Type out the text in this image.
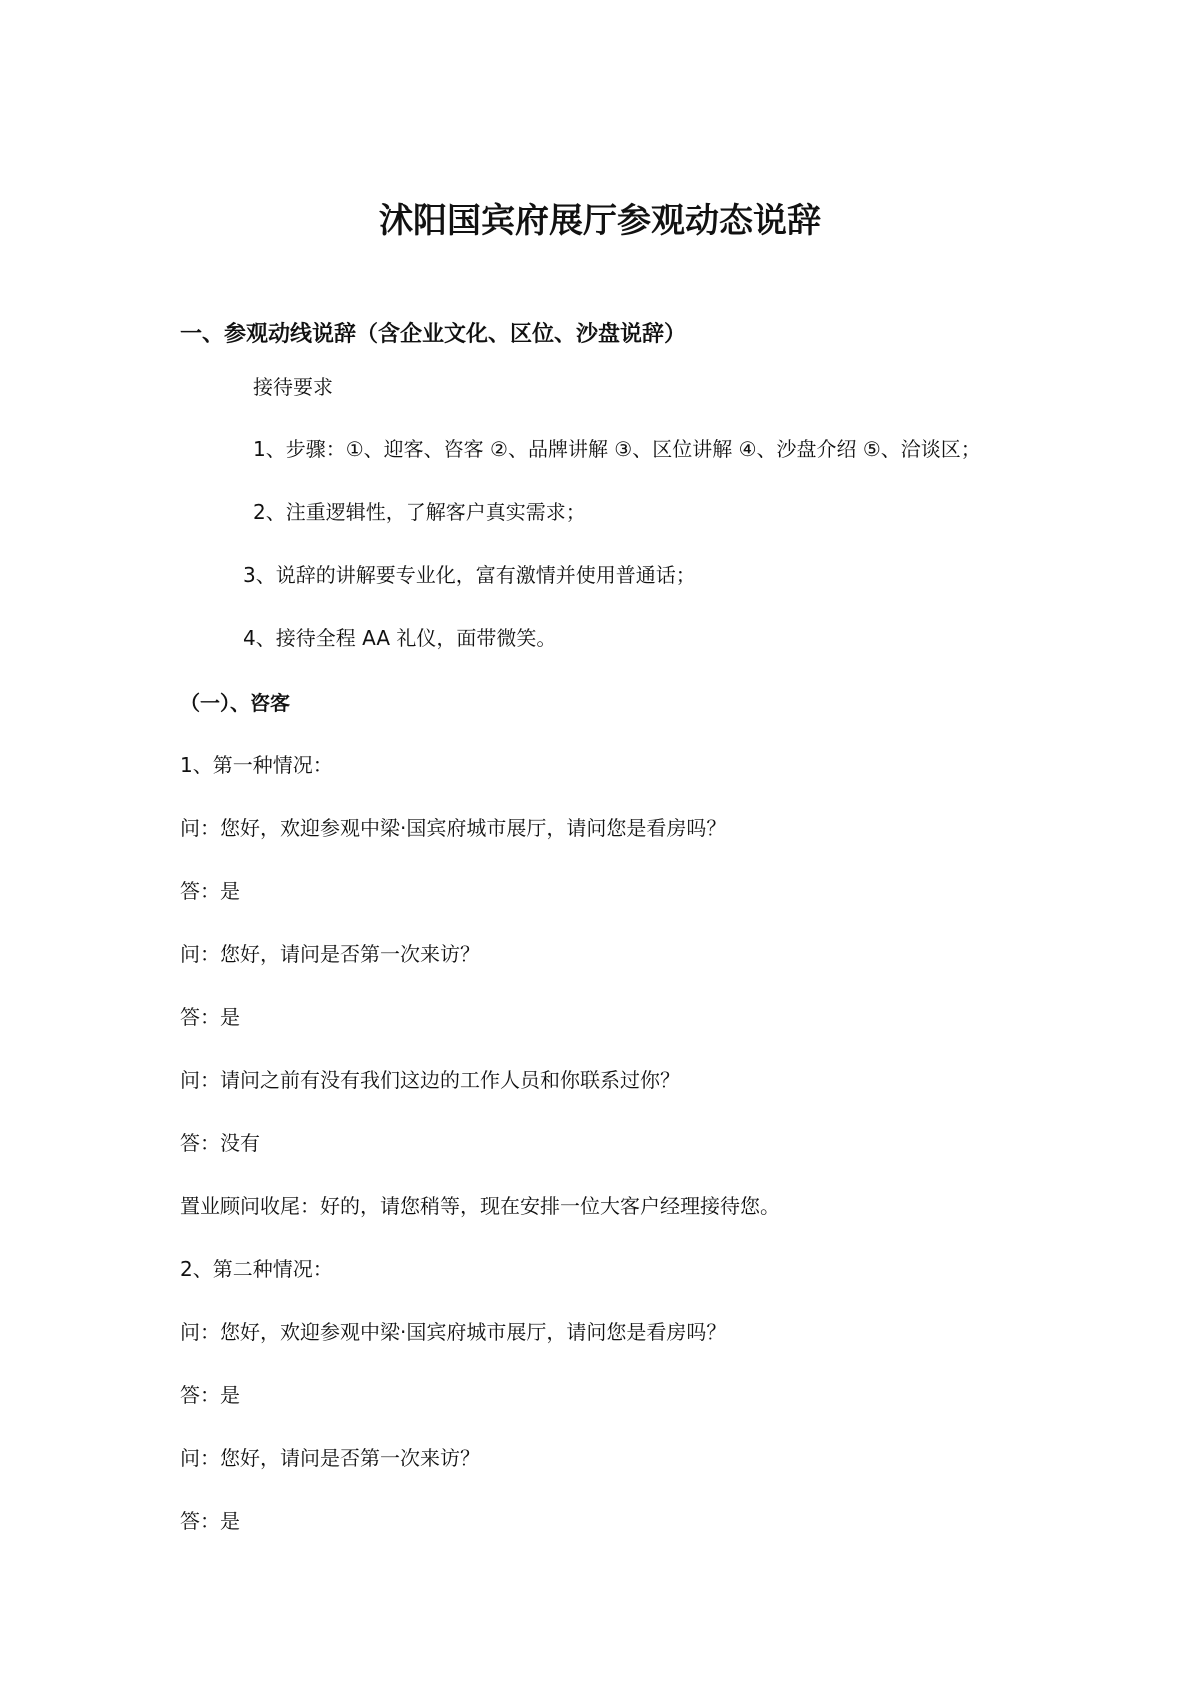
沭阳国宾府展厅参观动态说辞
一、参观动线说辞（含企业文化、区位、沙盘说辞）
接待要求
1、步骤：①、迎客、咨客 ②、品牌讲解 ③、区位讲解 ④、沙盘介绍 ⑤、洽谈区；
2、注重逻辑性，了解客户真实需求；
3、说辞的讲解要专业化，富有激情并使用普通话；
4、接待全程 AA 礼仪，面带微笑。
（一）、咨客
1、第一种情况：
问：您好，欢迎参观中梁·国宾府城市展厅，请问您是看房吗？
答：是
问：您好，请问是否第一次来访？
答：是
问：请问之前有没有我们这边的工作人员和你联系过你？
答：没有
置业顾问收尾：好的，请您稍等，现在安排一位大客户经理接待您。
2、第二种情况：
问：您好，欢迎参观中梁·国宾府城市展厅，请问您是看房吗？
答：是
问：您好，请问是否第一次来访？
答：是
